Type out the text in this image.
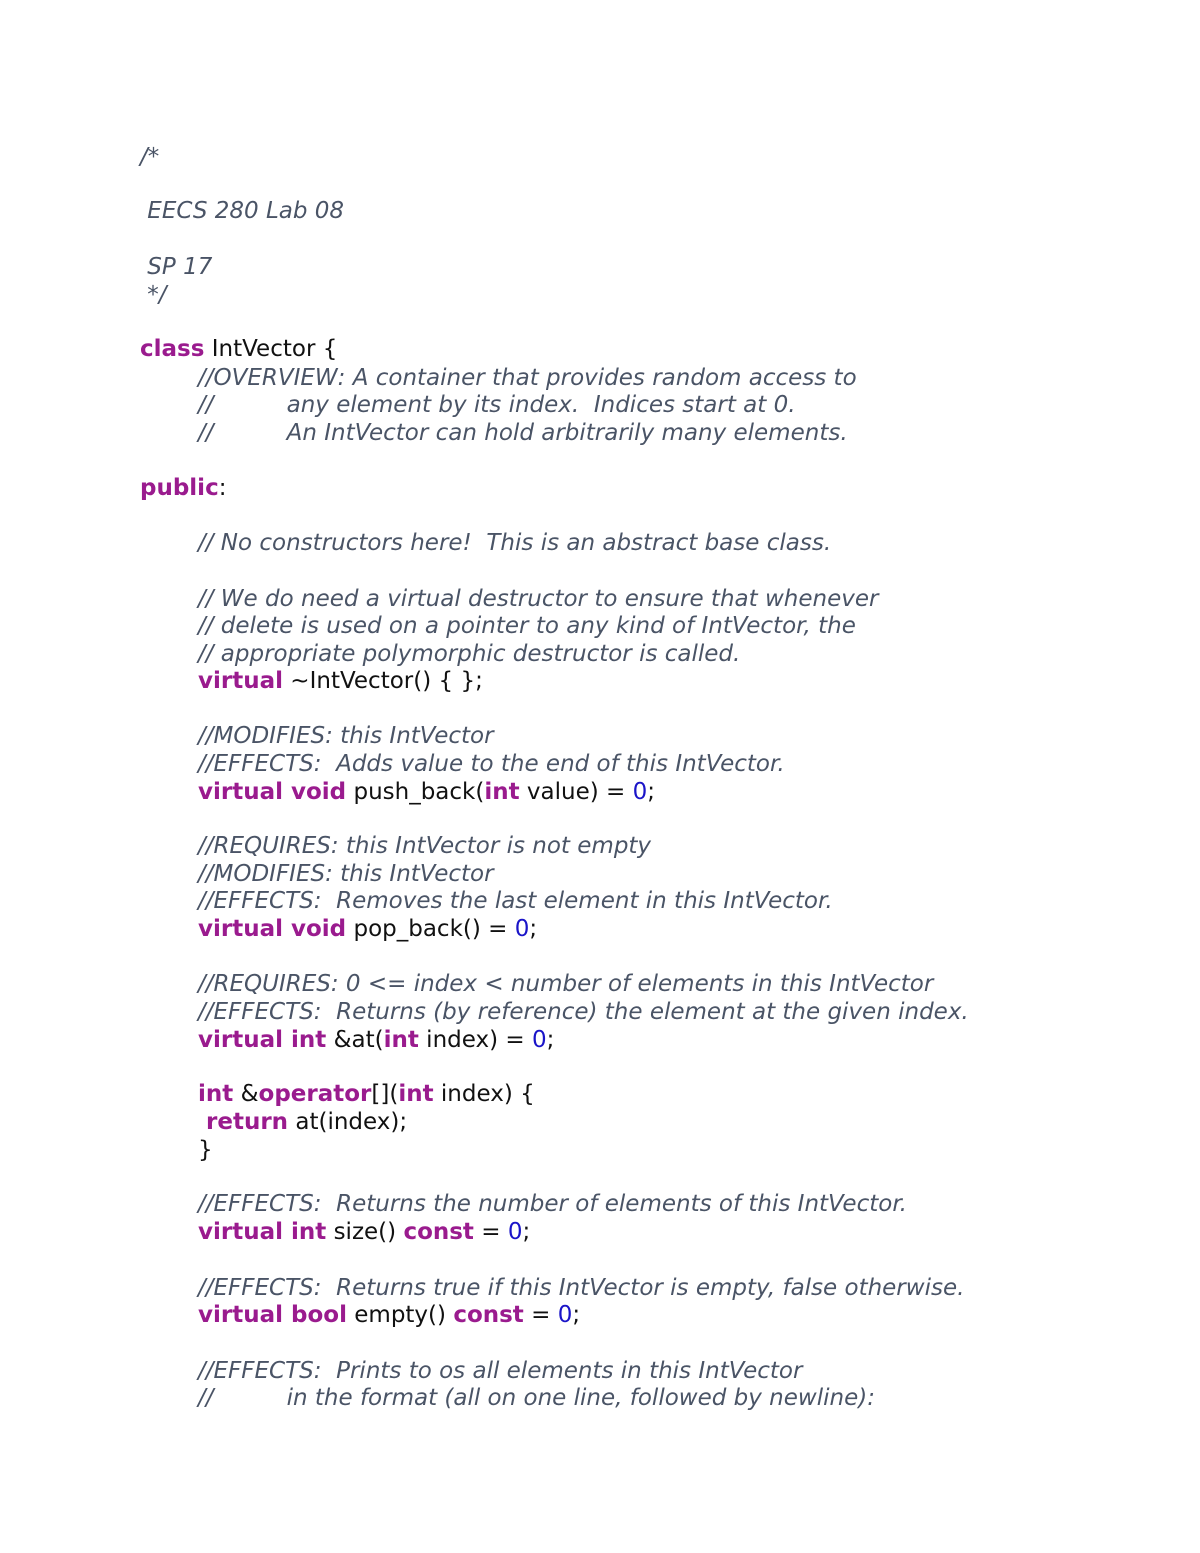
/*
EECS 280 Lab 08
SP 17
*/
class IntVector {
//OVERVIEW: A container that provides random access to
//          any element by its index.  Indices start at 0.
//          An IntVector can hold arbitrarily many elements.
public:
// No constructors here!  This is an abstract base class.
// We do need a virtual destructor to ensure that whenever
// delete is used on a pointer to any kind of IntVector, the
// appropriate polymorphic destructor is called.
virtual ~IntVector() { };
//MODIFIES: this IntVector
//EFFECTS:  Adds value to the end of this IntVector.
virtual void push_back(int value) = 0;
//REQUIRES: this IntVector is not empty
//MODIFIES: this IntVector
//EFFECTS:  Removes the last element in this IntVector.
virtual void pop_back() = 0;
//REQUIRES: 0 <= index < number of elements in this IntVector
//EFFECTS:  Returns (by reference) the element at the given index.
virtual int &at(int index) = 0;
int &operator[](int index) {
return at(index);
}
//EFFECTS:  Returns the number of elements of this IntVector.
virtual int size() const = 0;
//EFFECTS:  Returns true if this IntVector is empty, false otherwise.
virtual bool empty() const = 0;
//EFFECTS:  Prints to os all elements in this IntVector
//          in the format (all on one line, followed by newline):
